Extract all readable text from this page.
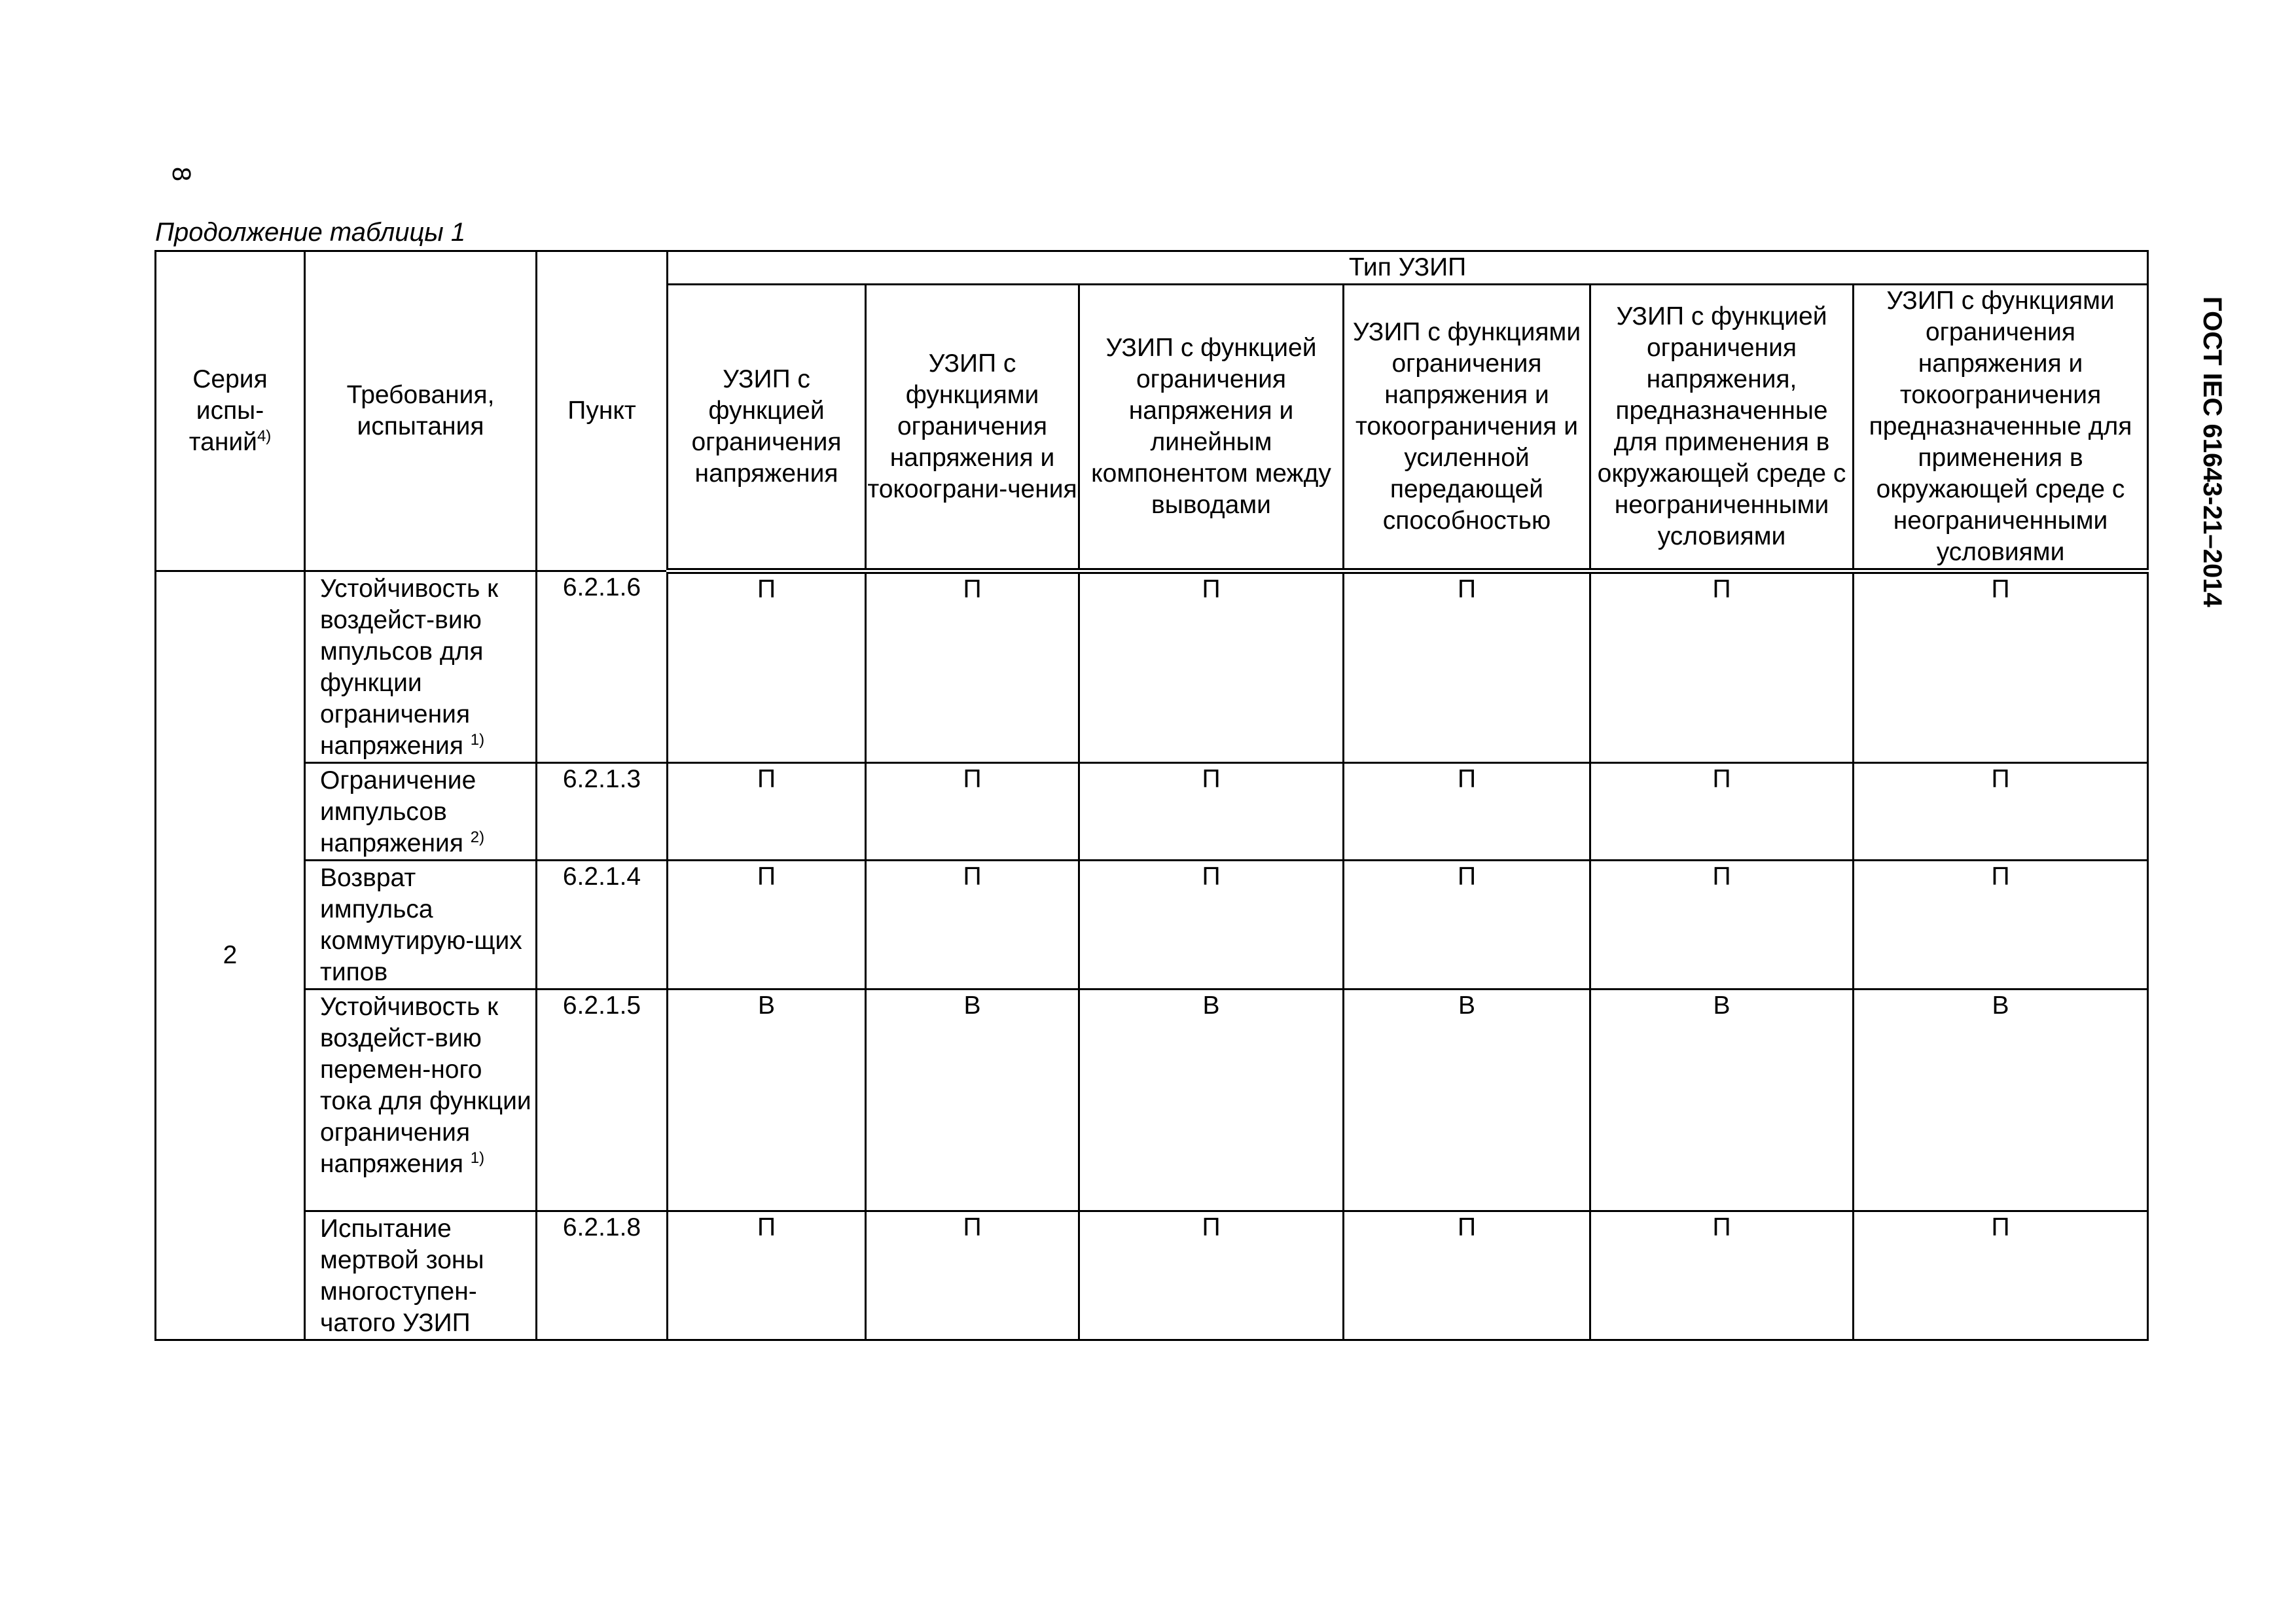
8
ГОСТ IEC 61643-21–2014
Продолжение таблицы 1
Серия испы-таний$^{4)}$	Требования, испытания	Пункт	Тип УЗИП					
			УЗИП с функцией ограничения напряжения	УЗИП с функциями ограничения напряжения и токоограни-чения	УЗИП с функцией ограничения напряжения и линейным компонентом между выводами	УЗИП с функциями ограничения напряжения и токоограничения и усиленной передающей способностью	УЗИП с функцией ограничения напряжения, предназначенные для применения в окружающей среде с неограниченными условиями	УЗИП с функциями ограничения напряжения и токоограничения предназначенные для применения в окружающей среде с неограниченными условиями
2	Устойчивость к воздейст-вию мпульсов для функции ограничения напряжения $^{1)}$	6.2.1.6	П	П	П	П	П	П
	Ограничение импульсов напряжения $^{2)}$	6.2.1.3	П	П	П	П	П	П
	Возврат импульса коммутирую-щих типов	6.2.1.4	П	П	П	П	П	П
	Устойчивость к воздейст-вию перемен-ного тока для функции ограничения напряжения $^{1)}$	6.2.1.5	В	В	В	В	В	В
	Испытание мертвой зоны многоступен-чатого УЗИП	6.2.1.8	П	П	П	П	П	П
